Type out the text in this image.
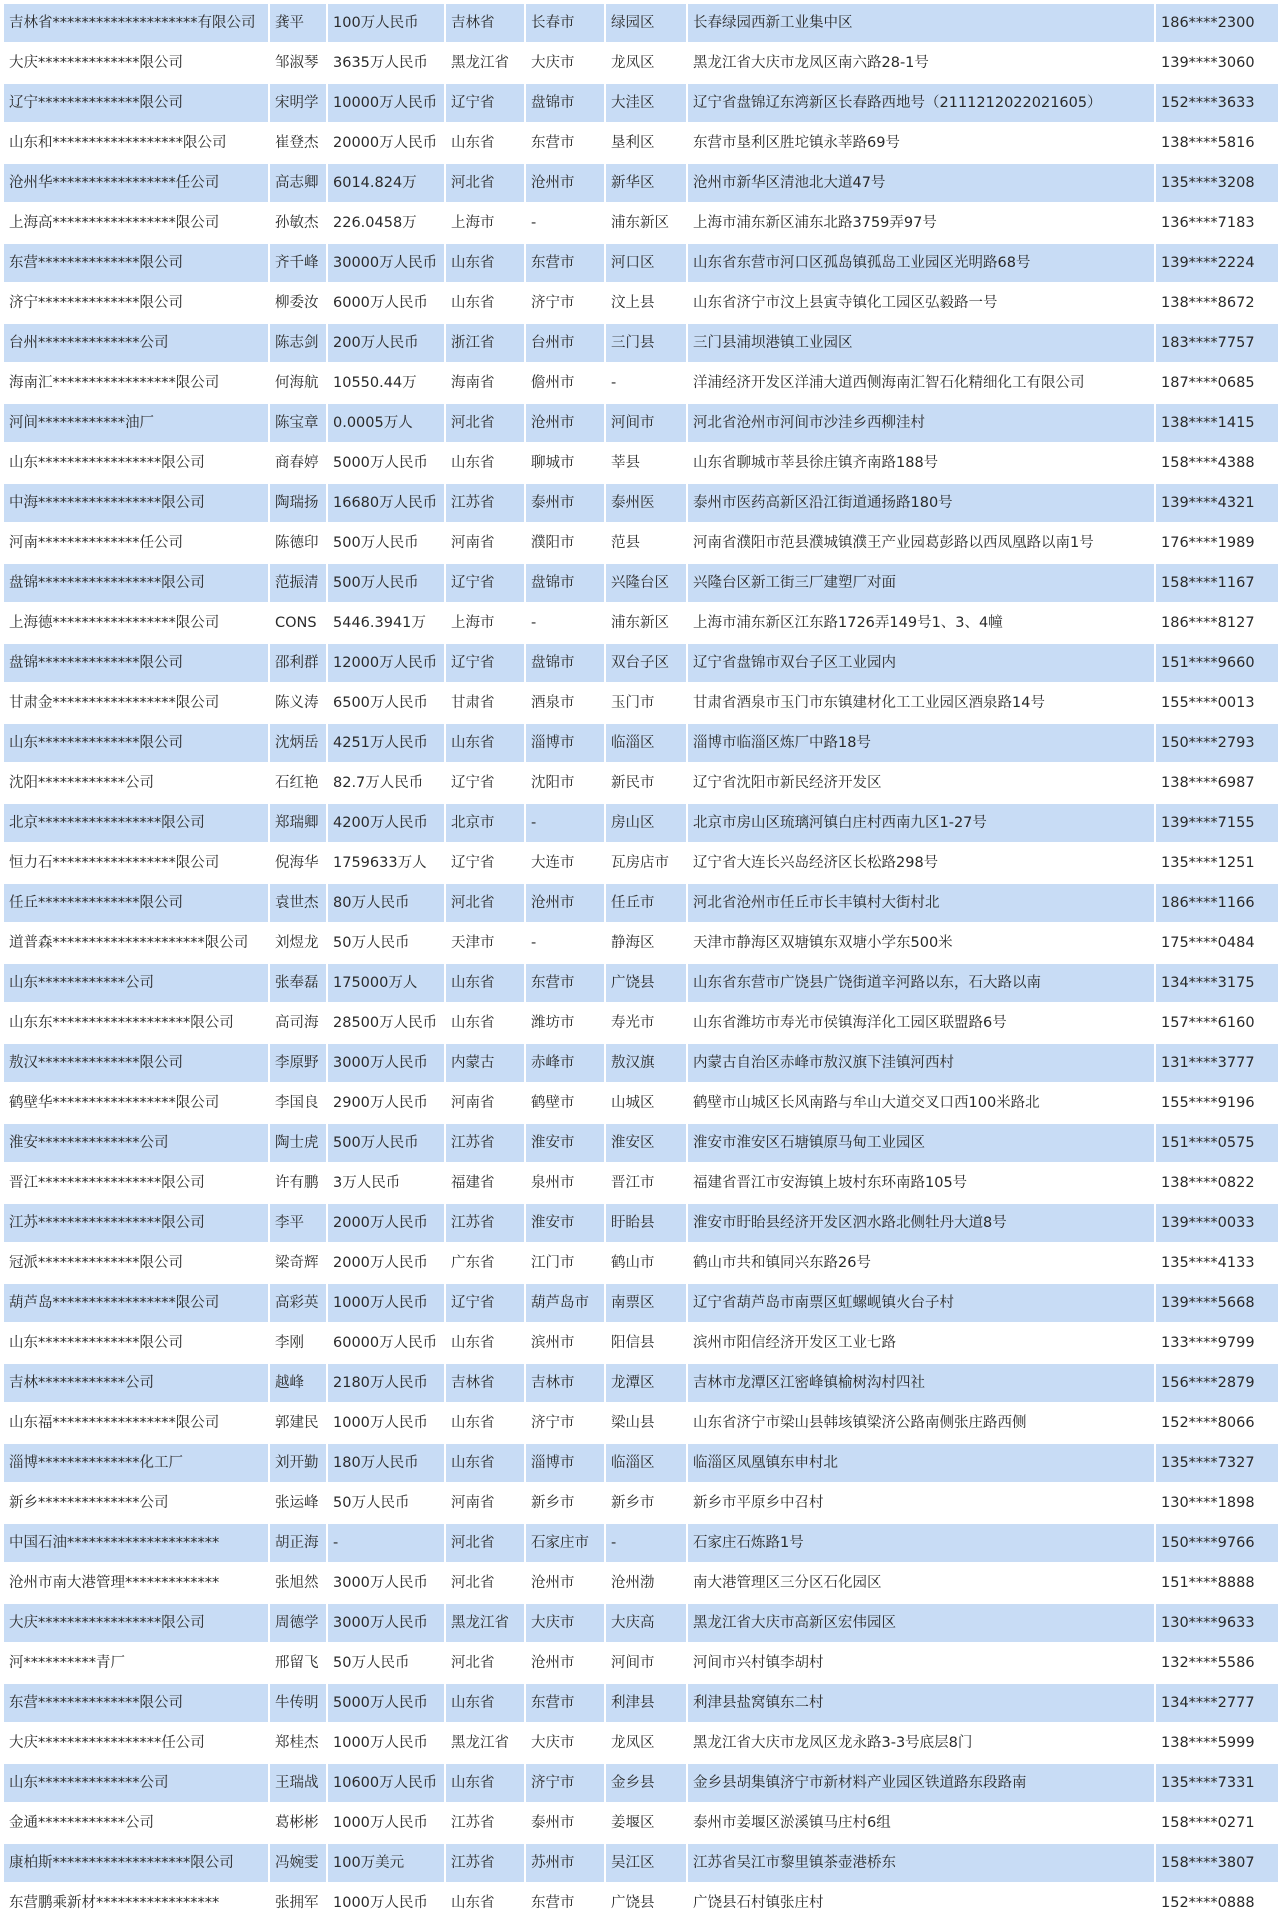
吉林省********************有限公司	龚平	100万人民币	吉林省	长春市	绿园区	长春绿园西新工业集中区	186****2300
大庆**************限公司	邹淑琴	3635万人民币	黑龙江省	大庆市	龙凤区	黑龙江省大庆市龙凤区南六路28-1号	139****3060
辽宁**************限公司	宋明学	10000万人民币	辽宁省	盘锦市	大洼区	辽宁省盘锦辽东湾新区长春路西地号（21112120220216​05）	152****3633
山东和******************限公司	崔登杰	20000万人民币	山东省	东营市	垦利区	东营市垦利区胜坨镇永莘路69号	138****5816
沧州华*****************任公司	高志卿	6014.824万	河北省	沧州市	新华区	沧州市新华区清池北大道47号	135****3208
上海高*****************限公司	孙敏杰	226.0458万	上海市	-	浦东新区	上海市浦东新区浦东北路3759弄97号	136****7183
东营**************限公司	齐千峰	30000万人民币	山东省	东营市	河口区	山东省东营市河口区孤岛镇孤岛工业园区光明路68号	139****2224
济宁**************限公司	柳委汝	6000万人民币	山东省	济宁市	汶上县	山东省济宁市汶上县寅寺镇化工园区弘毅路一号	138****8672
台州**************公司	陈志剑	200万人民币	浙江省	台州市	三门县	三门县浦坝港镇工业园区	183****7757
海南汇*****************限公司	何海航	10550.44万	海南省	儋州市	-	洋浦经济开发区洋浦大道西侧海南汇智石化精细化工有限公司	187****0685
河间************油厂	陈宝章	0.0005万人	河北省	沧州市	河间市	河北省沧州市河间市沙洼乡西柳洼村	138****1415
山东*****************限公司	商春婷	5000万人民币	山东省	聊城市	莘县	山东省聊城市莘县徐庄镇齐南路188号	158****4388
中海*****************限公司	陶瑞扬	16680万人民币	江苏省	泰州市	泰州医	泰州市医药高新区沿江街道通扬路180号	139****4321
河南**************任公司	陈德印	500万人民币	河南省	濮阳市	范县	河南省濮阳市范县濮城镇濮王产业园葛彭路以西凤凰路以南1号	176****1989
盘锦*****************限公司	范振清	500万人民币	辽宁省	盘锦市	兴隆台区	兴隆台区新工街三厂建塑厂对面	158****1167
上海德*****************限公司	CONS	5446.3941万	上海市	-	浦东新区	上海市浦东新区江东路1726弄149号1、3、4幢	186****8127
盘锦**************限公司	邵利群	12000万人民币	辽宁省	盘锦市	双台子区	辽宁省盘锦市双台子区工业园内	151****9660
甘肃金*****************限公司	陈义涛	6500万人民币	甘肃省	酒泉市	玉门市	甘肃省酒泉市玉门市东镇建材化工工业园区酒泉路14号	155****0013
山东**************限公司	沈炳岳	4251万人民币	山东省	淄博市	临淄区	淄博市临淄区炼厂中路18号	150****2793
沈阳************公司	石红艳	82.7万人民币	辽宁省	沈阳市	新民市	辽宁省沈阳市新民经济开发区	138****6987
北京*****************限公司	郑瑞卿	4200万人民币	北京市	-	房山区	北京市房山区琉璃河镇白庄村西南九区1-27号	139****7155
恒力石*****************限公司	倪海华	1759633万人	辽宁省	大连市	瓦房店市	辽宁省大连长兴岛经济区长松路298号	135****1251
任丘**************限公司	袁世杰	80万人民币	河北省	沧州市	任丘市	河北省沧州市任丘市长丰镇村大街村北	186****1166
道普森*********************限公司	刘煜龙	50万人民币	天津市	-	静海区	天津市静海区双塘镇东双塘小学东500米	175****0484
山东************公司	张奉磊	175000万人	山东省	东营市	广饶县	山东省东营市广饶县广饶街道辛河路以东，石大路以南	134****3175
山东东*******************限公司	高司海	28500万人民币	山东省	潍坊市	寿光市	山东省潍坊市寿光市侯镇海洋化工园区联盟路6号	157****6160
敖汉**************限公司	李原野	3000万人民币	内蒙古	赤峰市	敖汉旗	内蒙古自治区赤峰市敖汉旗下洼镇河西村	131****3777
鹤壁华*****************限公司	李国良	2900万人民币	河南省	鹤壁市	山城区	鹤壁市山城区长风南路与牟山大道交叉口西100米路北	155****9196
淮安**************公司	陶士虎	500万人民币	江苏省	淮安市	淮安区	淮安市淮安区石塘镇原马甸工业园区	151****0575
晋江*****************限公司	许有鹏	3万人民币	福建省	泉州市	晋江市	福建省晋江市安海镇上坡村东环南路105号	138****0822
江苏*****************限公司	李平	2000万人民币	江苏省	淮安市	盱眙县	淮安市盱眙县经济开发区泗水路北侧牡丹大道8号	139****0033
冠派**************限公司	梁奇辉	2000万人民币	广东省	江门市	鹤山市	鹤山市共和镇同兴东路26号	135****4133
葫芦岛*****************限公司	高彩英	1000万人民币	辽宁省	葫芦岛市	南票区	辽宁省葫芦岛市南票区虹螺岘镇火台子村	139****5668
山东**************限公司	李刚	60000万人民币	山东省	滨州市	阳信县	滨州市阳信经济开发区工业七路	133****9799
吉林************公司	越峰	2180万人民币	吉林省	吉林市	龙潭区	吉林市龙潭区江密峰镇榆树沟村四社	156****2879
山东福*****************限公司	郭建民	1000万人民币	山东省	济宁市	梁山县	山东省济宁市梁山县韩垓镇梁济公路南侧张庄路西侧	152****8066
淄博**************化工厂	刘开勤	180万人民币	山东省	淄博市	临淄区	临淄区凤凰镇东申村北	135****7327
新乡**************公司	张运峰	50万人民币	河南省	新乡市	新乡市	新乡市平原乡中召村	130****1898
中国石油*********************	胡正海	-	河北省	石家庄市	-	石家庄石炼路1号	150****9766
沧州市南大港管理*************	张旭然	3000万人民币	河北省	沧州市	沧州渤	南大港管理区三分区石化园区	151****8888
大庆*****************限公司	周德学	3000万人民币	黑龙江省	大庆市	大庆高	黑龙江省大庆市高新区宏伟园区	130****9633
河**********青厂	邢留飞	50万人民币	河北省	沧州市	河间市	河间市兴村镇李胡村	132****5586
东营**************限公司	牛传明	5000万人民币	山东省	东营市	利津县	利津县盐窝镇东二村	134****2777
大庆*****************任公司	郑桂杰	1000万人民币	黑龙江省	大庆市	龙凤区	黑龙江省大庆市龙凤区龙永路3-3号底层8门	138****5999
山东**************公司	王瑞战	10600万人民币	山东省	济宁市	金乡县	金乡县胡集镇济宁市新材料产业园区铁道路东段路南	135****7331
金通************公司	葛彬彬	1000万人民币	江苏省	泰州市	姜堰区	泰州市姜堰区淤溪镇马庄村6组	158****0271
康柏斯*******************限公司	冯婉雯	100万美元	江苏省	苏州市	吴江区	江苏省吴江市黎里镇茶壶港桥东	158****3807
东营鹏乘新材*****************	张拥军	1000万人民币	山东省	东营市	广饶县	广饶县石村镇张庄村	152****0888
